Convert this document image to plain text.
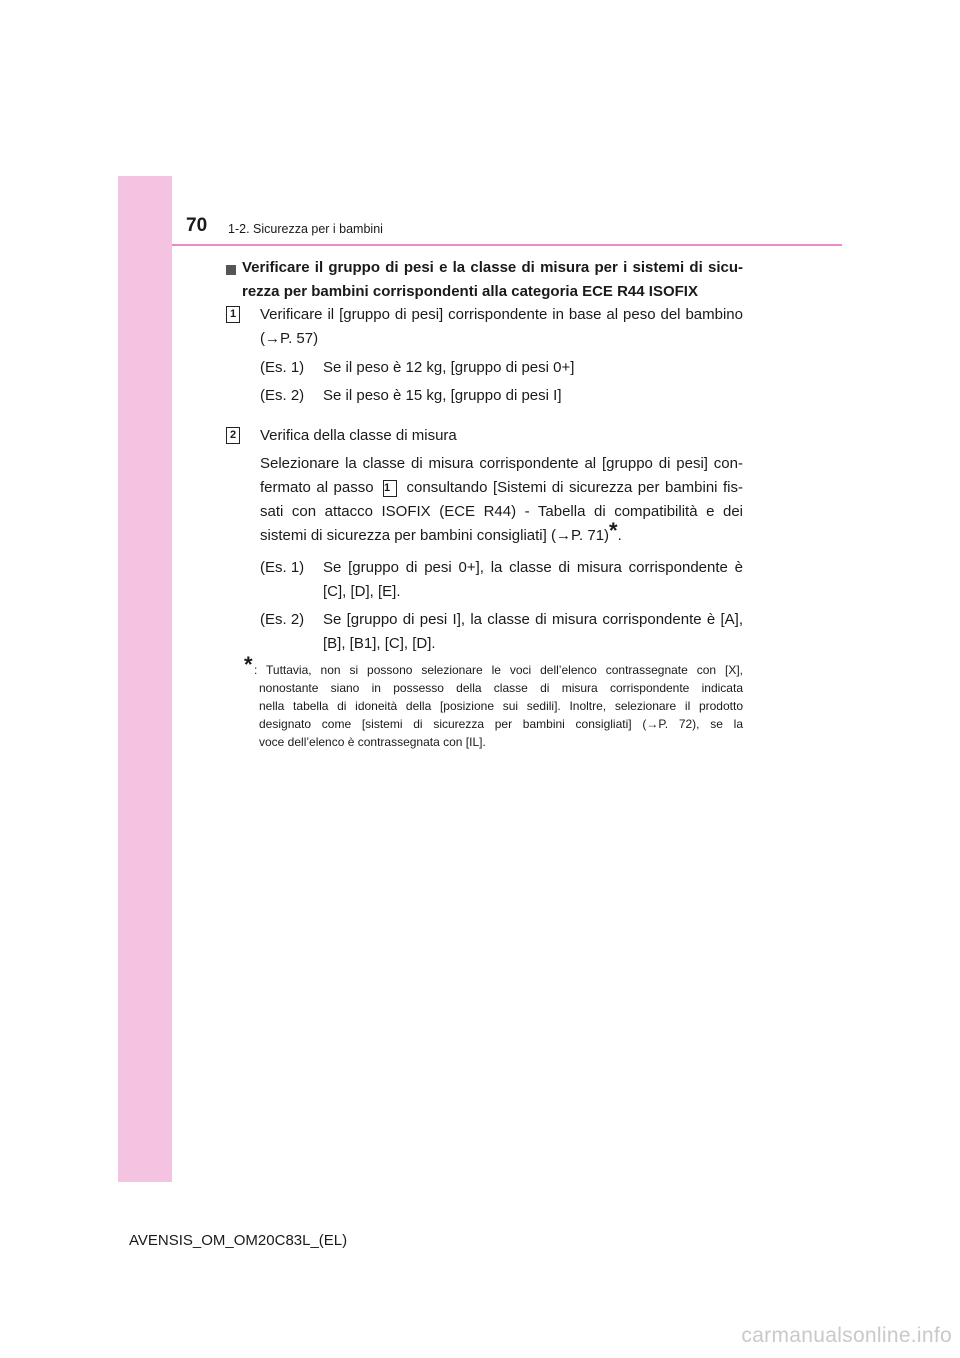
70 1-2. Sicurezza per i bambini
Verificare il gruppo di pesi e la classe di misura per i sistemi di sicu-
rezza per bambini corrispondenti alla categoria ECE R44 ISOFIX
1 Verificare il [gruppo di pesi] corrispondente in base al peso del bambino
(→P. 57)
(Es. 1) Se il peso è 12 kg, [gruppo di pesi 0+]
(Es. 2) Se il peso è 15 kg, [gruppo di pesi I]
2 Verifica della classe di misura
Selezionare la classe di misura corrispondente al [gruppo di pesi] con-
fermato al passo 1 consultando [Sistemi di sicurezza per bambini fis-
sati con attacco ISOFIX (ECE R44) - Tabella di compatibilità e dei
sistemi di sicurezza per bambini consigliati] (→P. 71)*.
(Es. 1) Se [gruppo di pesi 0+], la classe di misura corrispondente è
[C], [D], [E].
(Es. 2) Se [gruppo di pesi I], la classe di misura corrispondente è [A],
[B], [B1], [C], [D].
* : Tuttavia, non si possono selezionare le voci dell’elenco contrassegnate con [X],
nonostante siano in possesso della classe di misura corrispondente indicata
nella tabella di idoneità della [posizione sui sedili]. Inoltre, selezionare il prodotto
designato come [sistemi di sicurezza per bambini consigliati] (→P. 72), se la
voce dell’elenco è contrassegnata con [IL].
AVENSIS_OM_OM20C83L_(EL)
carmanualsonline.info
